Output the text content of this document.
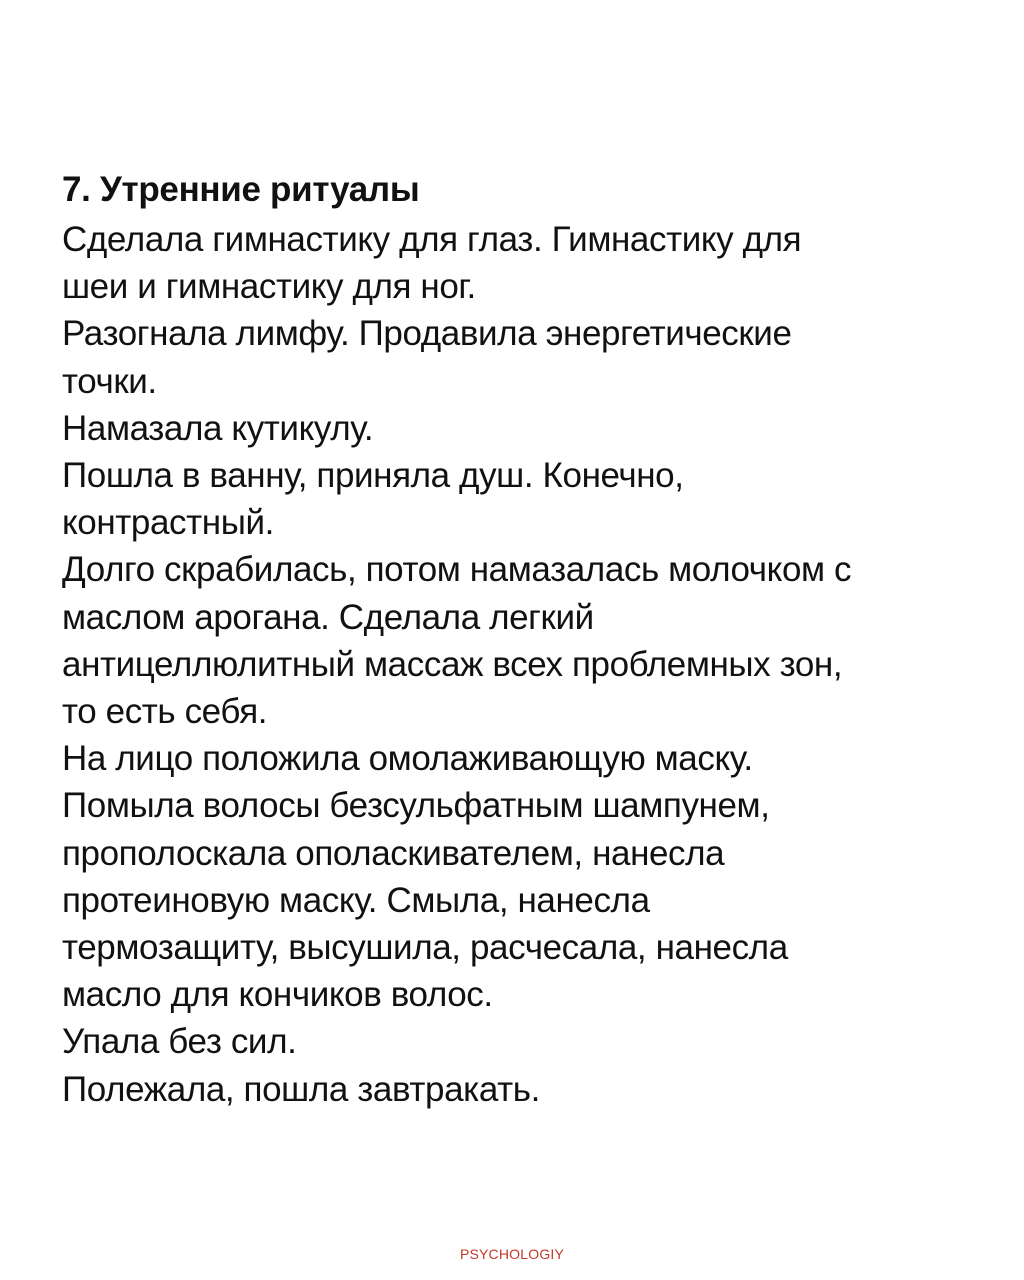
7. Утренние ритуалы
Сделала гимнастику для глаз. Гимнастику для
шеи и гимнастику для ног.
Разогнала лимфу. Продавила энергетические
точки.
Намазала кутикулу.
Пошла в ванну, приняла душ. Конечно,
контрастный.
Долго скрабилась, потом намазалась молочком с
маслом арогана. Сделала легкий
антицеллюлитный массаж всех проблемных зон,
то есть себя.
На лицо положила омолаживающую маску.
Помыла волосы безсульфатным шампунем,
прополоскала ополаскивателем, нанесла
протеиновую маску. Смыла, нанесла
термозащиту, высушила, расчесала, нанесла
масло для кончиков волос.
Упала без сил.
Полежала, пошла завтракать.
PSYCHOLOGIY
